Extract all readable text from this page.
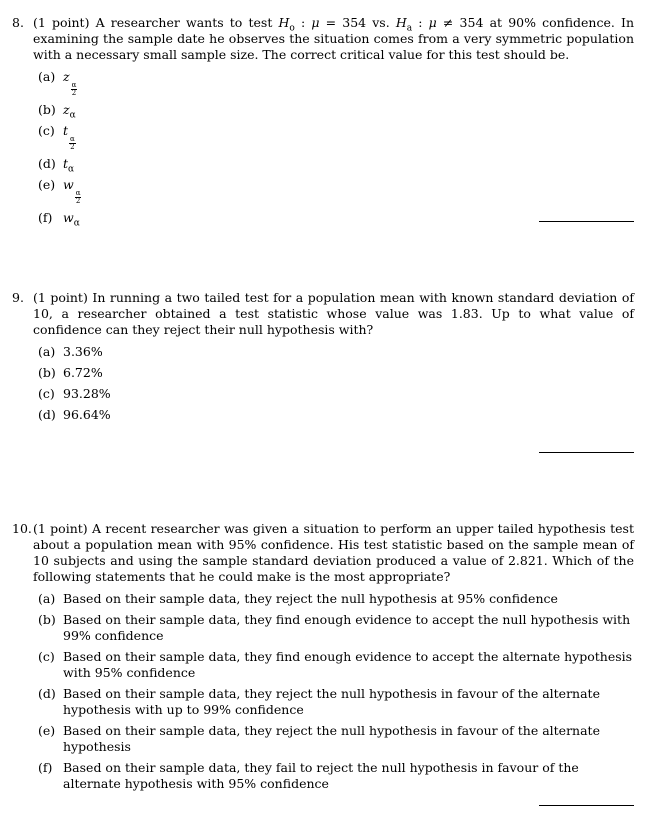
8. (1 point) A researcher wants to test $H_o$ : μ = 354 vs. $H_a$ : μ ≠ 354 at 90% confidence. In examining the sample date he observes the situation comes from a very symmetric population with a necessary small sample size. The correct critical value for this test should be.
(a) z
$\frac{\alpha}{2}$
(b) $z_\alpha$
(c) t
$\frac{\alpha}{2}$
(d) $t_\alpha$
(e) w
$\frac{\alpha}{2}$
(f) $w_\alpha$
9. (1 point) In running a two tailed test for a population mean with known standard deviation of 10, a researcher obtained a test statistic whose value was 1.83. Up to what value of confidence can they reject their null hypothesis with?
(a) 3.36%
(b) 6.72%
(c) 93.28%
(d) 96.64%
10. (1 point) A recent researcher was given a situation to perform an upper tailed hypothesis test about a population mean with 95% confidence. His test statistic based on the sample mean of 10 subjects and using the sample standard deviation produced a value of 2.821. Which of the following statements that he could make is the most appropriate?
(a) Based on their sample data, they reject the null hypothesis at 95% confidence
(b) Based on their sample data, they find enough evidence to accept the null hypothesis with 99% confidence
(c) Based on their sample data, they find enough evidence to accept the alternate hypothesis with 95% confidence
(d) Based on their sample data, they reject the null hypothesis in favour of the alternate hypothesis with up to 99% confidence
(e) Based on their sample data, they reject the null hypothesis in favour of the alternate hypothesis
(f) Based on their sample data, they fail to reject the null hypothesis in favour of the alternate hypothesis with 95% confidence
